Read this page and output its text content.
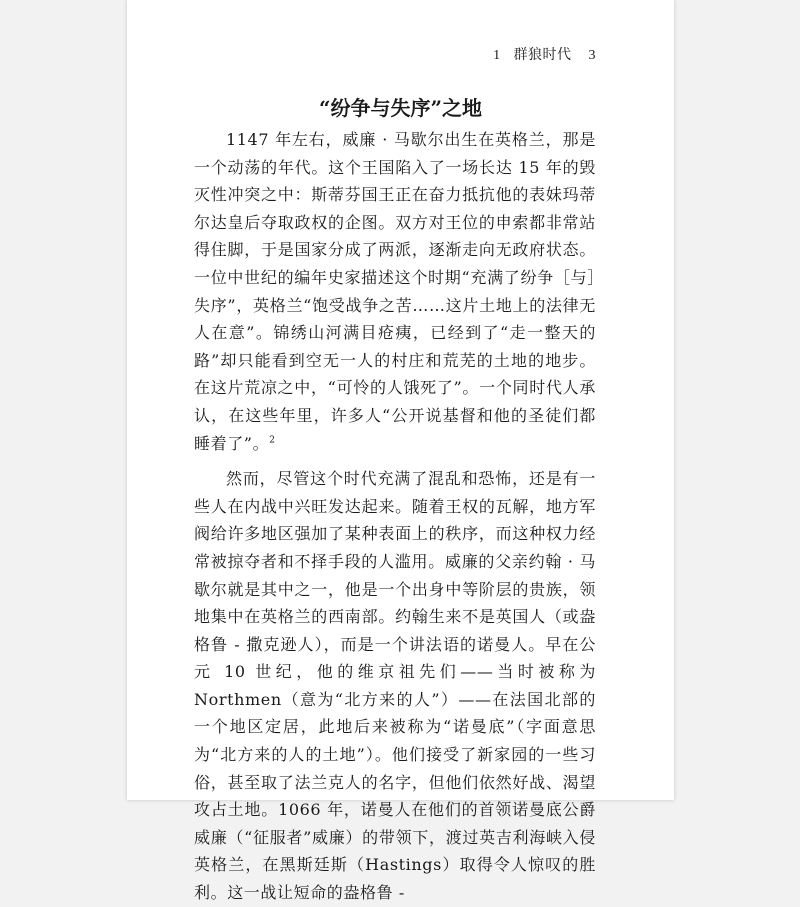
1 群狼时代 3
“纷争与失序”之地

1147 年左右，威廉 · 马歇尔出生在英格兰，那是一个动荡的年代。这个王国陷入了一场长达 15 年的毁灭性冲突之中：斯蒂芬国王正在奋力抵抗他的表妹玛蒂尔达皇后夺取政权的企图。双方对王位的申索都非常站得住脚，于是国家分成了两派，逐渐走向无政府状态。一位中世纪的编年史家描述这个时期“充满了纷争［与］失序”，英格兰“饱受战争之苦……这片土地上的法律无人在意”。锦绣山河满目疮痍，已经到了“走一整天的路”却只能看到空无一人的村庄和荒芜的土地的地步。在这片荒凉之中，“可怜的人饿死了”。一个同时代人承认，在这些年里，许多人“公开说基督和他的圣徒们都睡着了”。$^2$

然而，尽管这个时代充满了混乱和恐怖，还是有一些人在内战中兴旺发达起来。随着王权的瓦解，地方军阀给许多地区强加了某种表面上的秩序，而这种权力经常被掠夺者和不择手段的人滥用。威廉的父亲约翰 · 马歇尔就是其中之一，他是一个出身中等阶层的贵族，领地集中在英格兰的西南部。约翰生来不是英国人（或盎格鲁 - 撒克逊人），而是一个讲法语的诺曼人。早在公元 10 世纪，他的维京祖先们——当时被称为 Northmen（意为“北方来的人”）——在法国北部的一个地区定居，此地后来被称为“诺曼底”（字面意思为“北方来的人的土地”）。他们接受了新家园的一些习俗，甚至取了法兰克人的名字，但他们依然好战、渴望攻占土地。1066 年，诺曼人在他们的首领诺曼底公爵威廉（“征服者”威廉）的带领下，渡过英吉利海峡入侵英格兰，在黑斯廷斯（Hastings）取得令人惊叹的胜利。这一战让短命的盎格鲁 -
